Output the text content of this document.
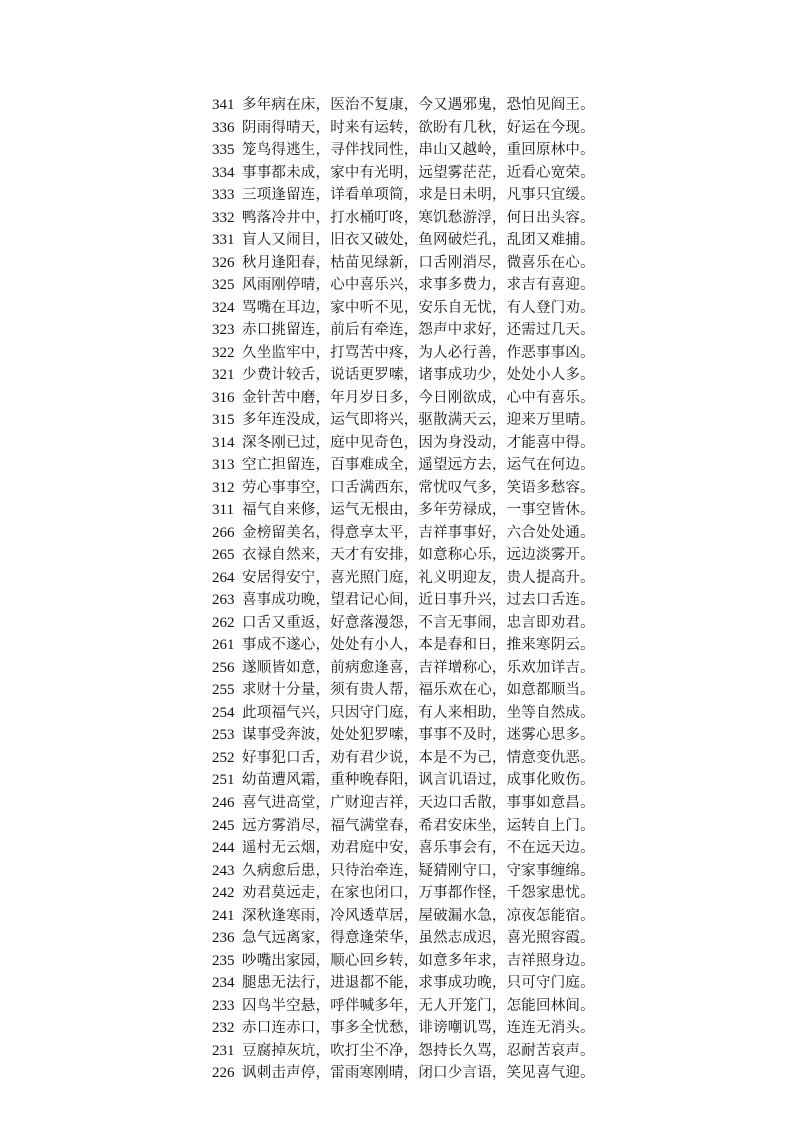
341 多年病在床，医治不复康，今又遇邪鬼，恐怕见阎王。
336 阴雨得晴天，时来有运转，欲盼有几秋，好运在今现。
335 笼鸟得逃生，寻伴找同性，串山又越岭，重回原林中。
334 事事都未成，家中有光明，远望雾茫茫，近看心宽荣。
333 三项逢留连，详看单项简，求是日未明，凡事只宜缓。
332 鸭落冷井中，打水桶叮咚，寒饥愁游浮，何日出头容。
331 盲人又闹目，旧衣又破处，鱼网破烂孔，乱团又难捕。
326 秋月逢阳春，枯苗见绿新，口舌刚消尽，微喜乐在心。
325 风雨刚停晴，心中喜乐兴，求事多费力，求吉有喜迎。
324 骂嘴在耳边，家中听不见，安乐自无忧，有人登门劝。
323 赤口挑留连，前后有牵连，怨声中求好，还需过几天。
322 久坐监牢中，打骂苦中疼，为人必行善，作恶事事凶。
321 少费计较舌，说话更罗嗦，诸事成功少，处处小人多。
316 金针苦中磨，年月岁日多，今日刚欲成，心中有喜乐。
315 多年连没成，运气即将兴，驱散满天云，迎来万里晴。
314 深冬刚已过，庭中见奇色，因为身没动，才能喜中得。
313 空亡担留连，百事难成全，遥望远方去，运气在何边。
312 劳心事事空，口舌满西东，常忧叹气多，笑语多愁容。
311 福气自来修，运气无根由，多年劳禄成，一事空皆休。
266 金榜留美名，得意享太平，吉祥事事好，六合处处通。
265 衣禄自然来，天才有安排，如意称心乐，远边淡雾开。
264 安居得安宁，喜光照门庭，礼义明迎友，贵人提高升。
263 喜事成功晚，望君记心间，近日事升兴，过去口舌连。
262 口舌又重返，好意落漫怨，不言无事闹，忠言即劝君。
261 事成不遂心，处处有小人，本是春和日，推来寒阴云。
256 遂顺皆如意，前病愈逢喜，吉祥增称心，乐欢加详吉。
255 求财十分量，须有贵人帮，福乐欢在心，如意都顺当。
254 此项福气兴，只因守门庭，有人来相助，坐等自然成。
253 谋事受奔波，处处犯罗嗦，事事不及时，迷雾心思多。
252 好事犯口舌，劝有君少说，本是不为己，情意变仇恶。
251 幼苗遭风霜，重种晚春阳，讽言讥语过，成事化败伤。
246 喜气进高堂，广财迎吉祥，天边口舌散，事事如意昌。
245 远方雾消尽，福气满堂春，希君安床坐，运转自上门。
244 遥村无云烟，劝君庭中安，喜乐事会有，不在远天边。
243 久病愈后患，只待治牵连，疑猜刚守口，守家事缠绵。
242 劝君莫远走，在家也闭口，万事都作怪，千怨家患忧。
241 深秋逢寒雨，冷风透草居，屋破漏水急，凉夜怎能宿。
236 急气远离家，得意逢荣华，虽然志成迟，喜光照容霞。
235 吵嘴出家园，顺心回乡转，如意多年求，吉祥照身边。
234 腿患无法行，进退都不能，求事成功晚，只可守门庭。
233 囚鸟半空悬，呼伴喊多年，无人开笼门，怎能回林间。
232 赤口连赤口，事多全忧愁，诽谤嘲讥骂，连连无消头。
231 豆腐掉灰坑，吹打尘不净，怨持长久骂，忍耐苦哀声。
226 讽刺击声停，雷雨寒刚晴，闭口少言语，笑见喜气迎。
